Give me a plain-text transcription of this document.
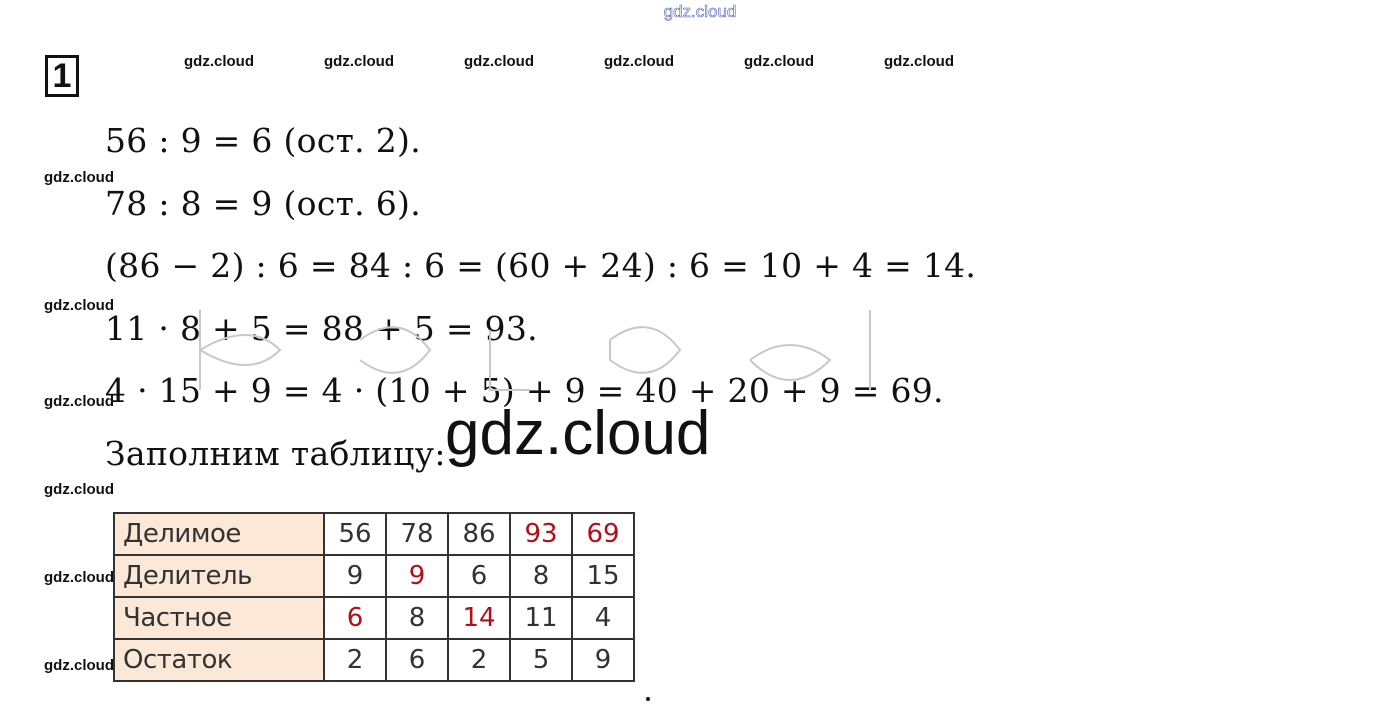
gdz.cloud
gdz.cloud	gdz.cloud	gdz.cloud	gdz.cloud	gdz.cloud	gdz.cloud
gdz.cloud
gdz.cloud
gdz.cloud
gdz.cloud
gdz.cloud
gdz.cloud
1
56 : 9 = 6 (ост. 2).
78 : 8 = 9 (ост. 6).
(86 − 2) : 6 = 84 : 6 = (60 + 24) : 6 = 10 + 4 = 14.
11 · 8 + 5 = 88 + 5 = 93.
4 · 15 + 9 = 4 · (10 + 5) + 9 = 40 + 20 + 9 = 69.
Заполним таблицу: gdz.cloud
Делимое	56	78	86	93	69
Делитель	9	9	6	8	15
Частное	6	8	14	11	4
Остаток	2	6	2	5	9
